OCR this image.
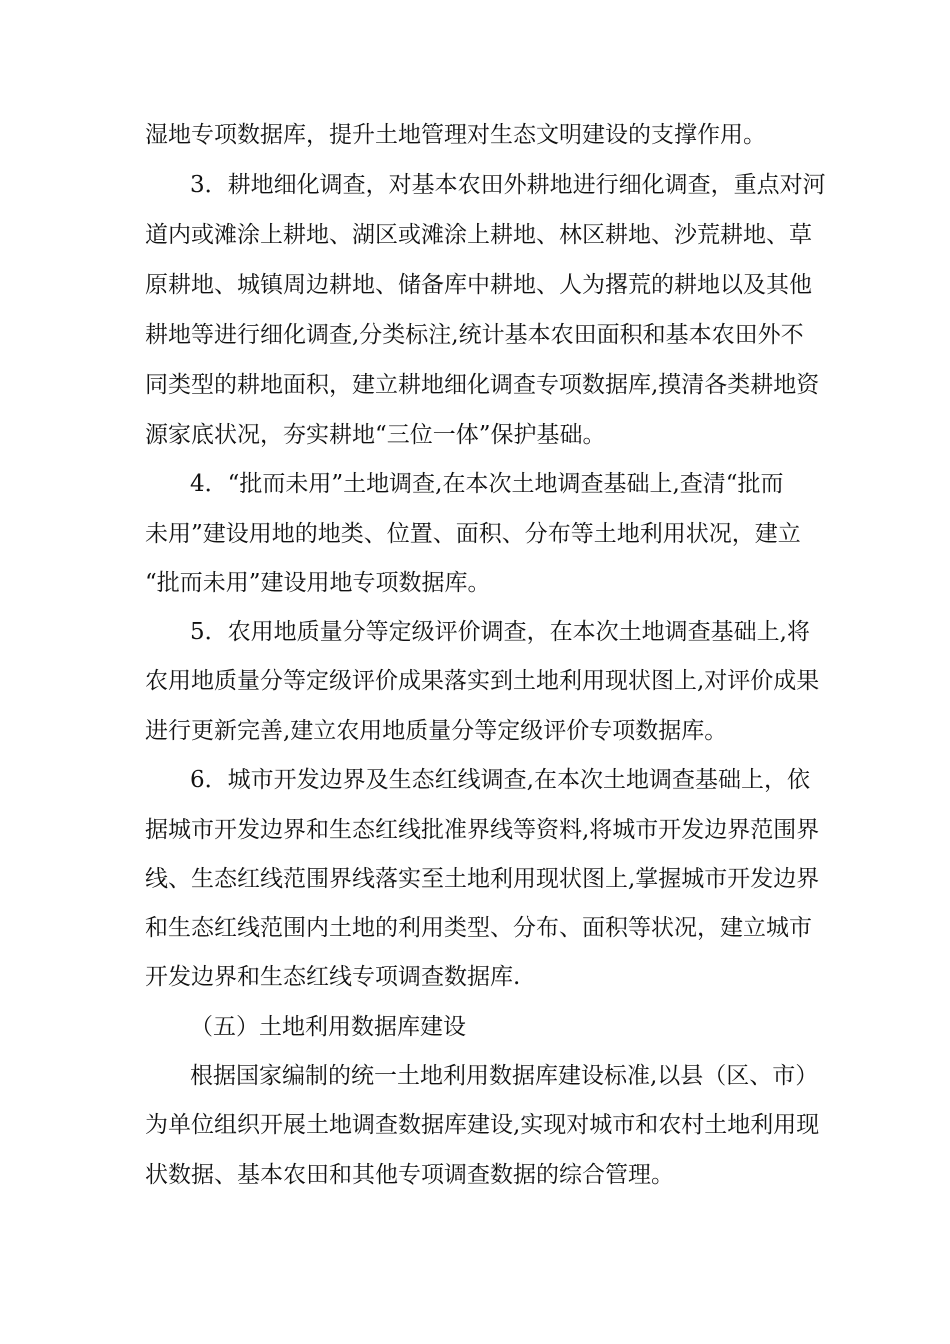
湿地专项数据库，提升土地管理对生态文明建设的支撑作用。
3．耕地细化调查，对基本农田外耕地进行细化调查，重点对河
道内或滩涂上耕地、湖区或滩涂上耕地、林区耕地、沙荒耕地、草
原耕地、城镇周边耕地、储备库中耕地、人为撂荒的耕地以及其他
耕地等进行细化调查,分类标注,统计基本农田面积和基本农田外不
同类型的耕地面积，建立耕地细化调查专项数据库,摸清各类耕地资
源家底状况，夯实耕地“三位一体”保护基础。
4．“批而未用”土地调查,在本次土地调查基础上,查清“批而
未用”建设用地的地类、位置、面积、分布等土地利用状况，建立
“批而未用”建设用地专项数据库。
5．农用地质量分等定级评价调查，在本次土地调查基础上,将
农用地质量分等定级评价成果落实到土地利用现状图上,对评价成果
进行更新完善,建立农用地质量分等定级评价专项数据库。
6．城市开发边界及生态红线调查,在本次土地调查基础上，依
据城市开发边界和生态红线批准界线等资料,将城市开发边界范围界
线、生态红线范围界线落实至土地利用现状图上,掌握城市开发边界
和生态红线范围内土地的利用类型、分布、面积等状况，建立城市
开发边界和生态红线专项调查数据库.
（五）土地利用数据库建设
根据国家编制的统一土地利用数据库建设标准,以县（区、市）
为单位组织开展土地调查数据库建设,实现对城市和农村土地利用现
状数据、基本农田和其他专项调查数据的综合管理。
